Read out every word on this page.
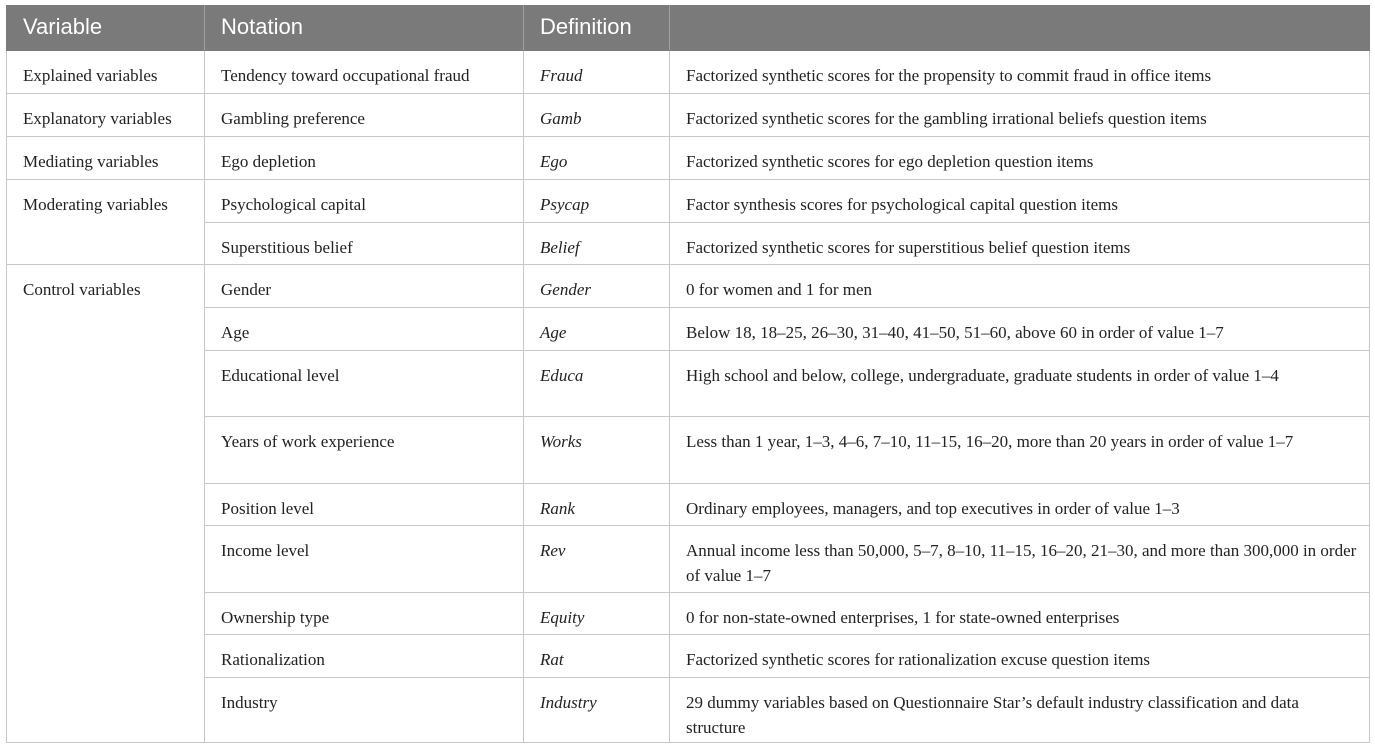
Variable	Notation	Definition	
Explained variables	Tendency toward occupational fraud	Fraud	Factorized synthetic scores for the propensity to commit fraud in office items
Explanatory variables	Gambling preference	Gamb	Factorized synthetic scores for the gambling irrational beliefs question items
Mediating variables	Ego depletion	Ego	Factorized synthetic scores for ego depletion question items
Moderating variables	Psychological capital	Psycap	Factor synthesis scores for psychological capital question items
	Superstitious belief	Belief	Factorized synthetic scores for superstitious belief question items
Control variables	Gender	Gender	0 for women and 1 for men
	Age	Age	Below 18, 18–25, 26–30, 31–40, 41–50, 51–60, above 60 in order of value 1–7
	Educational level	Educa	High school and below, college, undergraduate, graduate students in order of value 1–4
	Years of work experience	Works	Less than 1 year, 1–3, 4–6, 7–10, 11–15, 16–20, more than 20 years in order of value 1–7
	Position level	Rank	Ordinary employees, managers, and top executives in order of value 1–3
	Income level	Rev	Annual income less than 50,000, 5–7, 8–10, 11–15, 16–20, 21–30, and more than 300,000 in order of value 1–7
	Ownership type	Equity	0 for non-state-owned enterprises, 1 for state-owned enterprises
	Rationalization	Rat	Factorized synthetic scores for rationalization excuse question items
	Industry	Industry	29 dummy variables based on Questionnaire Star’s default industry classification and data structure
